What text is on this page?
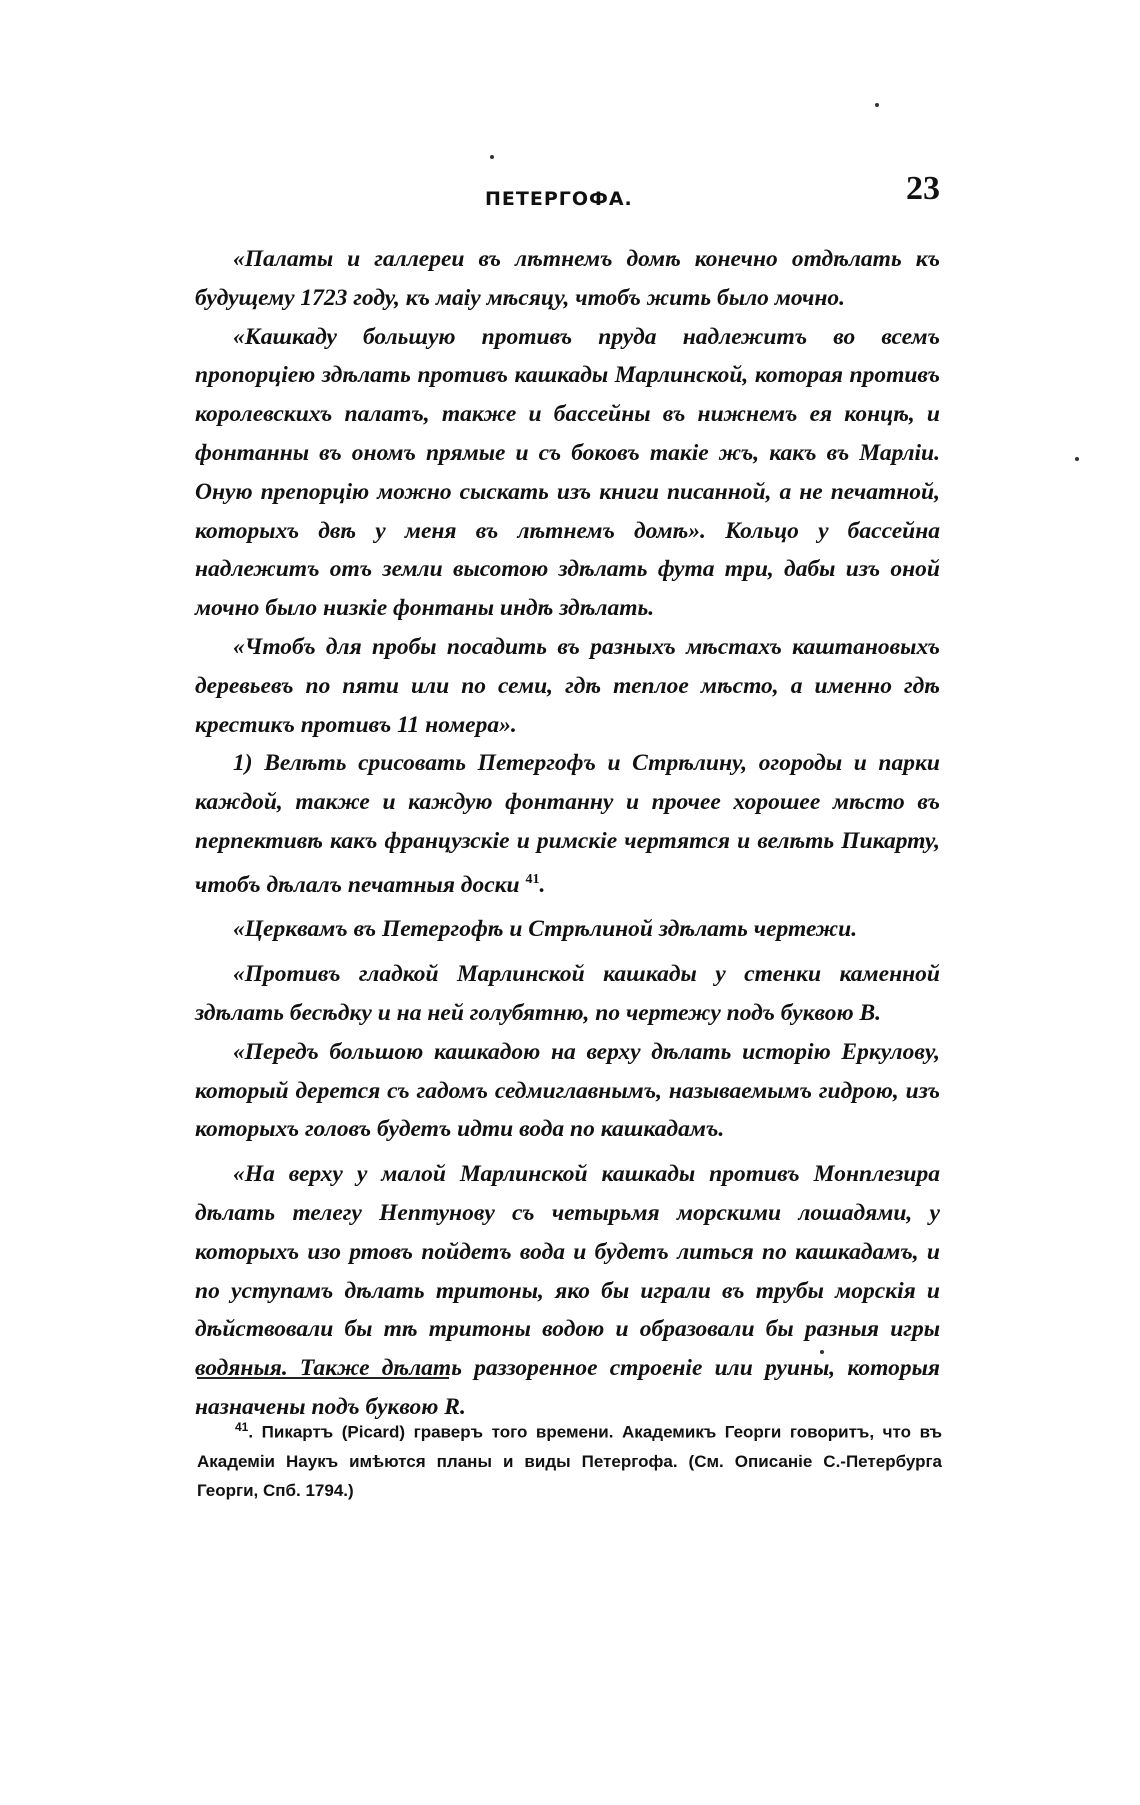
ПЕТЕРГОФА.	23

«Палаты и галлереи въ лѣтнемъ домѣ конечно отдѣлать къ будущему 1723 году, къ маіу мѣсяцу, чтобъ жить было мочно.

«Кашкаду большую противъ пруда надлежитъ во всемъ пропорціею здѣлать противъ кашкады Марлинской, которая противъ королевскихъ палатъ, также и бассейны въ нижнемъ ея концѣ, и фонтанны въ ономъ прямые и съ боковъ такіе жъ, какъ въ Марліи. Оную препорцію можно сыскать изъ книги писанной, а не печатной, которыхъ двѣ у меня въ лѣтнемъ домѣ». Кольцо у бассейна надлежитъ отъ земли высотою здѣлать фута три, дабы изъ оной мочно было низкіе фонтаны индѣ здѣлать.

«Чтобъ для пробы посадить въ разныхъ мѣстахъ каштановыхъ деревьевъ по пяти или по семи, гдѣ теплое мѣсто, а именно гдѣ крестикъ противъ 11 номера».

1) Велѣть срисовать Петергофъ и Стрѣлину, огороды и парки каждой, также и каждую фонтанну и прочее хорошее мѣсто въ перпективѣ какъ французскіе и римскіе чертятся и велѣть Пикарту, чтобъ дѣлалъ печатныя доски $^{41}$.

«Церквамъ въ Петергофѣ и Стрѣлиной здѣлать чертежи.

«Противъ гладкой Марлинской кашкады у стенки каменной здѣлать бесѣдку и на ней голубятню, по чертежу подъ буквою B.

«Передъ большою кашкадою на верху дѣлать исторію Еркулову, который дерется съ гадомъ седмиглавнымъ, называемымъ гидрою, изъ которыхъ головъ будетъ идти вода по кашкадамъ.

«На верху у малой Марлинской кашкады противъ Монплезира дѣлать телегу Нептунову съ четырьмя морскими лошадями, у которыхъ изо ртовъ пойдетъ вода и будетъ литься по кашкадамъ, и по уступамъ дѣлать тритоны, яко бы играли въ трубы морскія и дѣйствовали бы тѣ тритоны водою и образовали бы разныя игры водяныя. Также дѣлать раззоренное строеніе или руины, которыя назначены подъ буквою R.

$^{41}$. Пикартъ (Picard) граверъ того времени. Академикъ Георги говоритъ, что въ Академіи Наукъ имѣются планы и виды Петергофа. (См. Описаніе С.-Петербурга Георги, Спб. 1794.)
